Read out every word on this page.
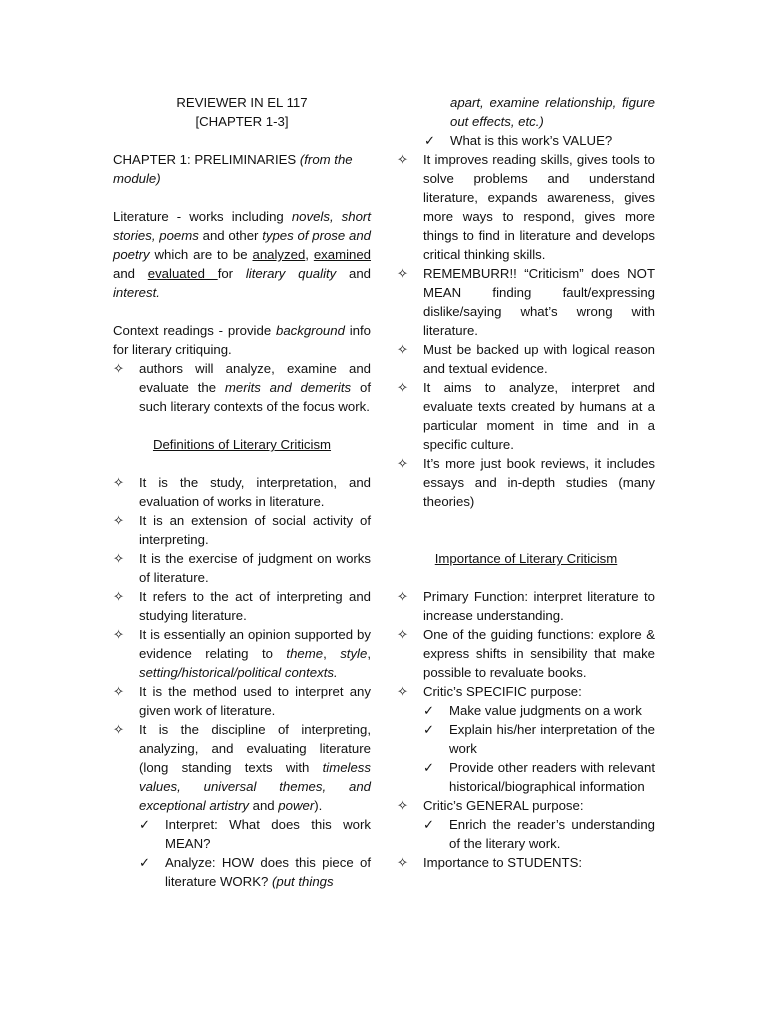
REVIEWER IN EL 117

[CHAPTER 1-3]

CHAPTER 1: PRELIMINARIES (from the module)

Literature - works including novels, short stories, poems and other types of prose and poetry which are to be analyzed, examined and evaluated for literary quality and interest.

Context readings - provide background info for literary critiquing.

✧ authors will analyze, examine and evaluate the merits and demerits of such literary contexts of the focus work.

Definitions of Literary Criticism

✧ It is the study, interpretation, and evaluation of works in literature.
✧ It is an extension of social activity of interpreting.
✧ It is the exercise of judgment on works of literature.
✧ It refers to the act of interpreting and studying literature.
✧ It is essentially an opinion supported by evidence relating to theme, style, setting/historical/political contexts.
✧ It is the method used to interpret any given work of literature.
✧ It is the discipline of interpreting, analyzing, and evaluating literature (long standing texts with timeless values, universal themes, and exceptional artistry and power).
✓ Interpret: What does this work MEAN?
✓ Analyze: HOW does this piece of literature WORK? (put things

apart, examine relationship, figure out effects, etc.)

✓ What is this work’s VALUE?
✧ It improves reading skills, gives tools to solve problems and understand literature, expands awareness, gives more ways to respond, gives more things to find in literature and develops critical thinking skills.
✧ REMEMBURR!! “Criticism” does NOT MEAN finding fault/expressing dislike/saying what’s wrong with literature.
✧ Must be backed up with logical reason and textual evidence.
✧ It aims to analyze, interpret and evaluate texts created by humans at a particular moment in time and in a specific culture.
✧ It’s more just book reviews, it includes essays and in-depth studies (many theories)

Importance of Literary Criticism

✧ Primary Function: interpret literature to increase understanding.
✧ One of the guiding functions: explore & express shifts in sensibility that make possible to revaluate books.
✧ Critic’s SPECIFIC purpose:
✓ Make value judgments on a work
✓ Explain his/her interpretation of the work
✓ Provide other readers with relevant historical/biographical information
✧ Critic’s GENERAL purpose:
✓ Enrich the reader’s understanding of the literary work.
✧ Importance to STUDENTS:
